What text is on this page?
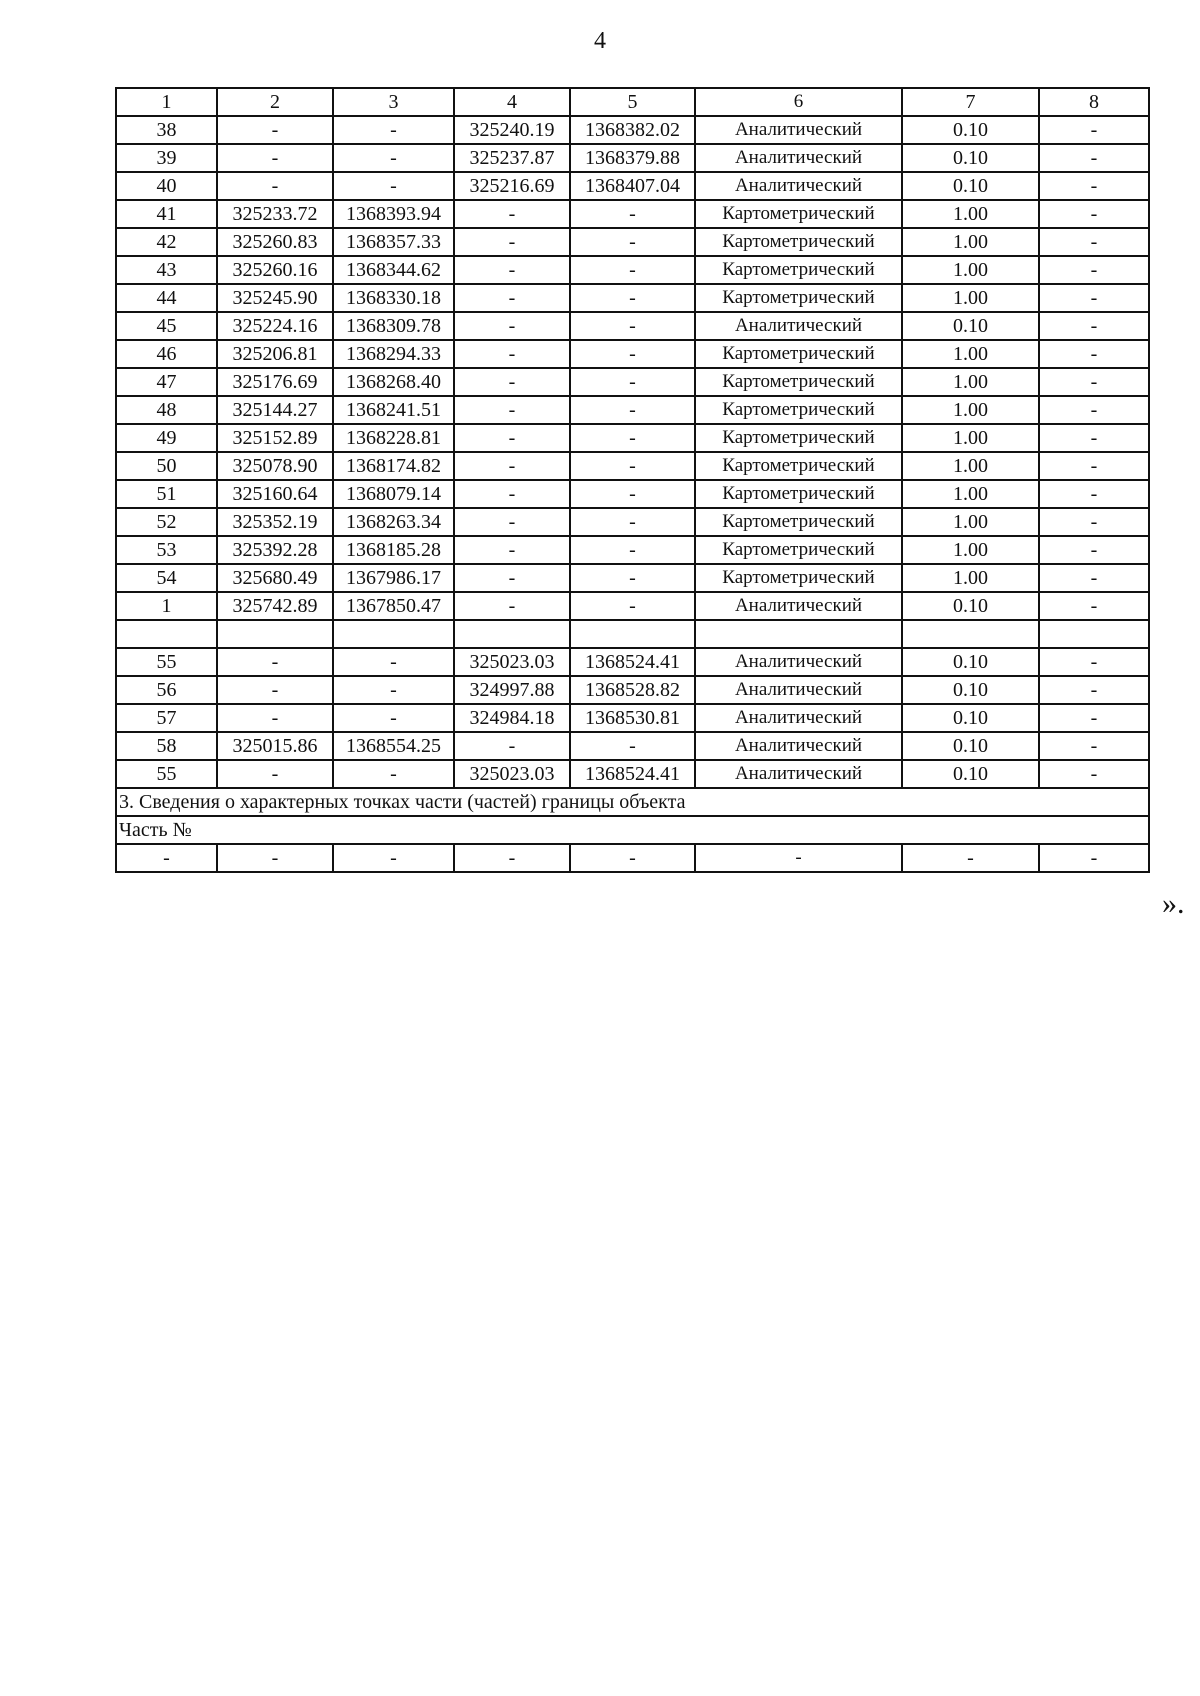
4
1	2	3	4	5	6	7	8
38	-	-	325240.19	1368382.02	Аналитический	0.10	-
39	-	-	325237.87	1368379.88	Аналитический	0.10	-
40	-	-	325216.69	1368407.04	Аналитический	0.10	-
41	325233.72	1368393.94	-	-	Картометрический	1.00	-
42	325260.83	1368357.33	-	-	Картометрический	1.00	-
43	325260.16	1368344.62	-	-	Картометрический	1.00	-
44	325245.90	1368330.18	-	-	Картометрический	1.00	-
45	325224.16	1368309.78	-	-	Аналитический	0.10	-
46	325206.81	1368294.33	-	-	Картометрический	1.00	-
47	325176.69	1368268.40	-	-	Картометрический	1.00	-
48	325144.27	1368241.51	-	-	Картометрический	1.00	-
49	325152.89	1368228.81	-	-	Картометрический	1.00	-
50	325078.90	1368174.82	-	-	Картометрический	1.00	-
51	325160.64	1368079.14	-	-	Картометрический	1.00	-
52	325352.19	1368263.34	-	-	Картометрический	1.00	-
53	325392.28	1368185.28	-	-	Картометрический	1.00	-
54	325680.49	1367986.17	-	-	Картометрический	1.00	-
1	325742.89	1367850.47	-	-	Аналитический	0.10	-

55	-	-	325023.03	1368524.41	Аналитический	0.10	-
56	-	-	324997.88	1368528.82	Аналитический	0.10	-
57	-	-	324984.18	1368530.81	Аналитический	0.10	-
58	325015.86	1368554.25	-	-	Аналитический	0.10	-
55	-	-	325023.03	1368524.41	Аналитический	0.10	-
3. Сведения о характерных точках части (частей) границы объекта							
Часть №							
-	-	-	-	-	-	-	-
».
